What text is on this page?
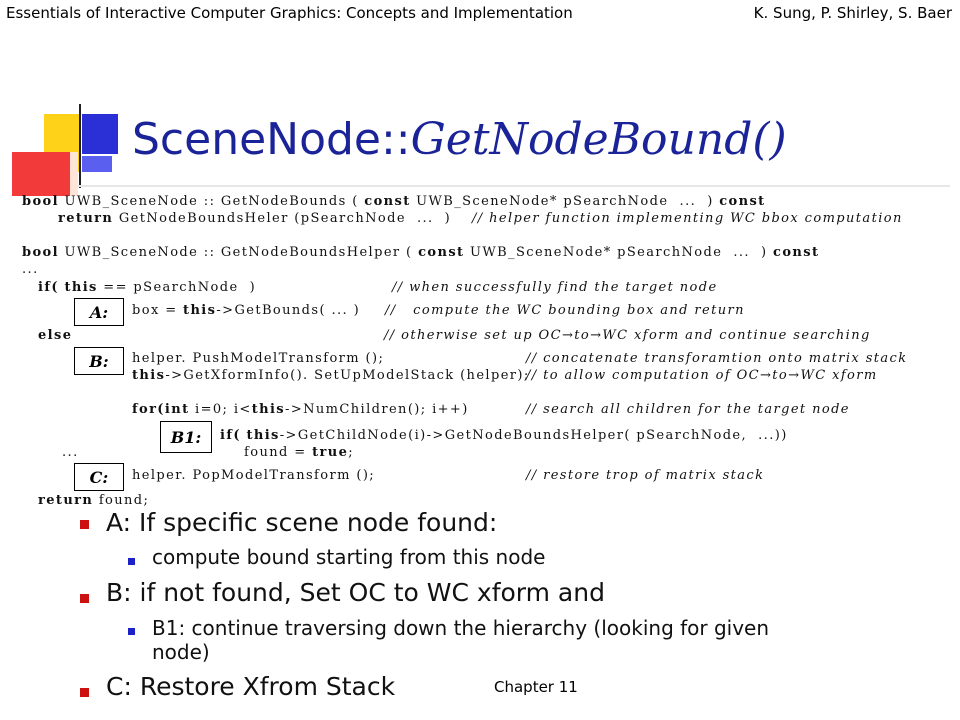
Essentials of Interactive Computer Graphics: Concepts and Implementation	K. Sung, P. Shirley, S. Baer
SceneNode::GetNodeBound()
bool UWB_SceneNode :: GetNodeBounds ( const UWB_SceneNode* pSearchNode  ...  ) const
return GetNodeBoundsHeler (pSearchNode  ...  ) // helper function implementing WC bbox computation
bool UWB_SceneNode :: GetNodeBoundsHelper ( const UWB_SceneNode* pSearchNode  ...  ) const
...
if( this == pSearchNode  )	// when successfully find the target node
A:	box = this->GetBounds( ... ) //   compute the WC bounding box and return
else	// otherwise set up OC→to→WC xform and continue searching
B:	helper. PushModelTransform ();	// concatenate transforamtion onto matrix stack
this->GetXformInfo(). SetUpModelStack (helper);
// to allow computation of OC→to→WC xform
for(int i=0; i<this->NumChildren(); i++)	// search all children for the target node
B1:	if( this->GetChildNode(i)->GetNodeBoundsHelper( pSearchNode,  ...))
found = true;
...
C:	helper. PopModelTransform ();	// restore trop of matrix stack
return found;
A: If specific scene node found:
compute bound starting from this node
B: if not found, Set OC to WC xform and
B1: continue traversing down the hierarchy (looking for given
node)
C: Restore Xfrom Stack	Chapter 11
